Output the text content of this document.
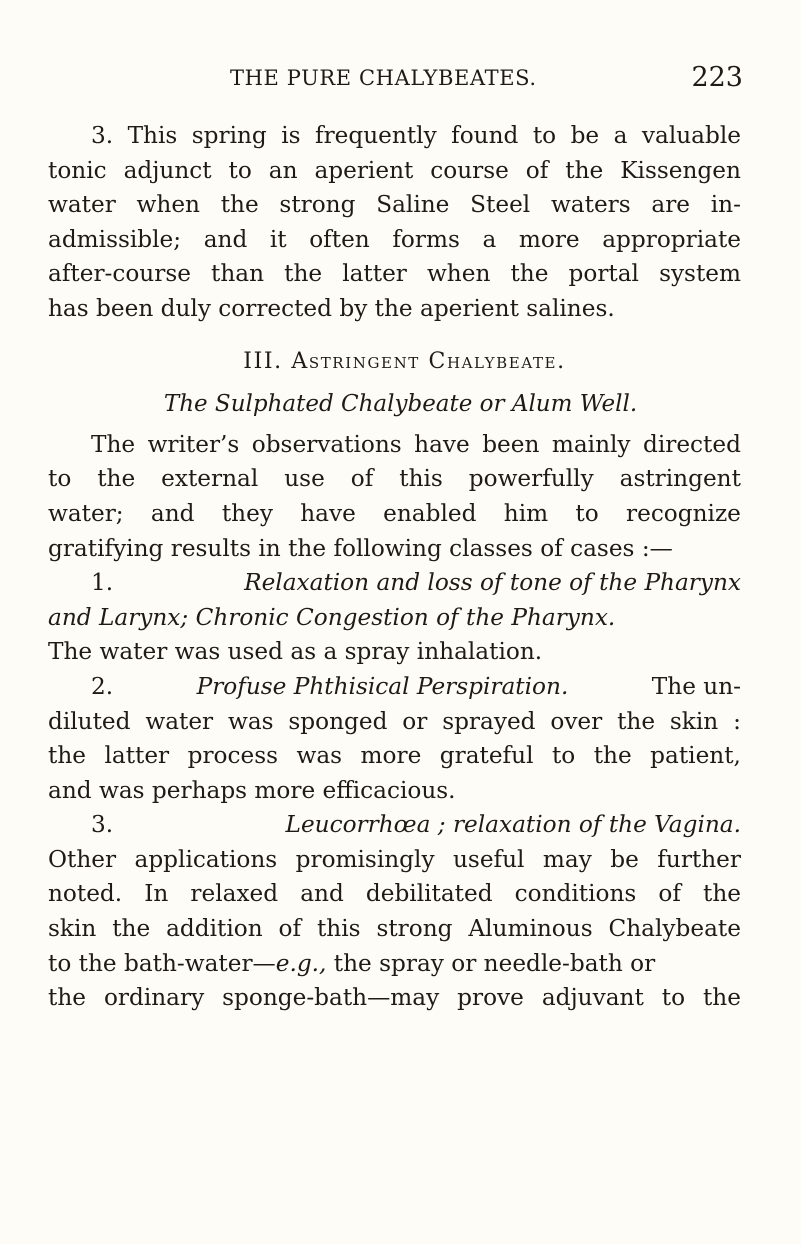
THE PURE CHALYBEATES.	223
3. This spring is frequently found to be a valuable
tonic adjunct to an aperient course of the Kissengen
water when the strong Saline Steel waters are in-
admissible; and it often forms a more appropriate
after-course than the latter when the portal system
has been duly corrected by the aperient salines.
III. Astringent Chalybeate.
The Sulphated Chalybeate or Alum Well.
The writer’s observations have been mainly directed
to the external use of this powerfully astringent
water; and they have enabled him to recognize
gratifying results in the following classes of cases :—
1.	Relaxation and loss of tone of the Pharynx
and Larynx; Chronic Congestion of the Pharynx.
The water was used as a spray inhalation.
2.	Profuse Phthisical Perspiration.	The un-
diluted water was sponged or sprayed over the skin :
the latter process was more grateful to the patient,
and was perhaps more efficacious.
3.	Leucorrhœa ; relaxation of the Vagina.
Other applications promisingly useful may be further
noted. In relaxed and debilitated conditions of the
skin the addition of this strong Aluminous Chalybeate
to the bath-water—e.g., the spray or needle-bath or
the ordinary sponge-bath—may prove adjuvant to the
